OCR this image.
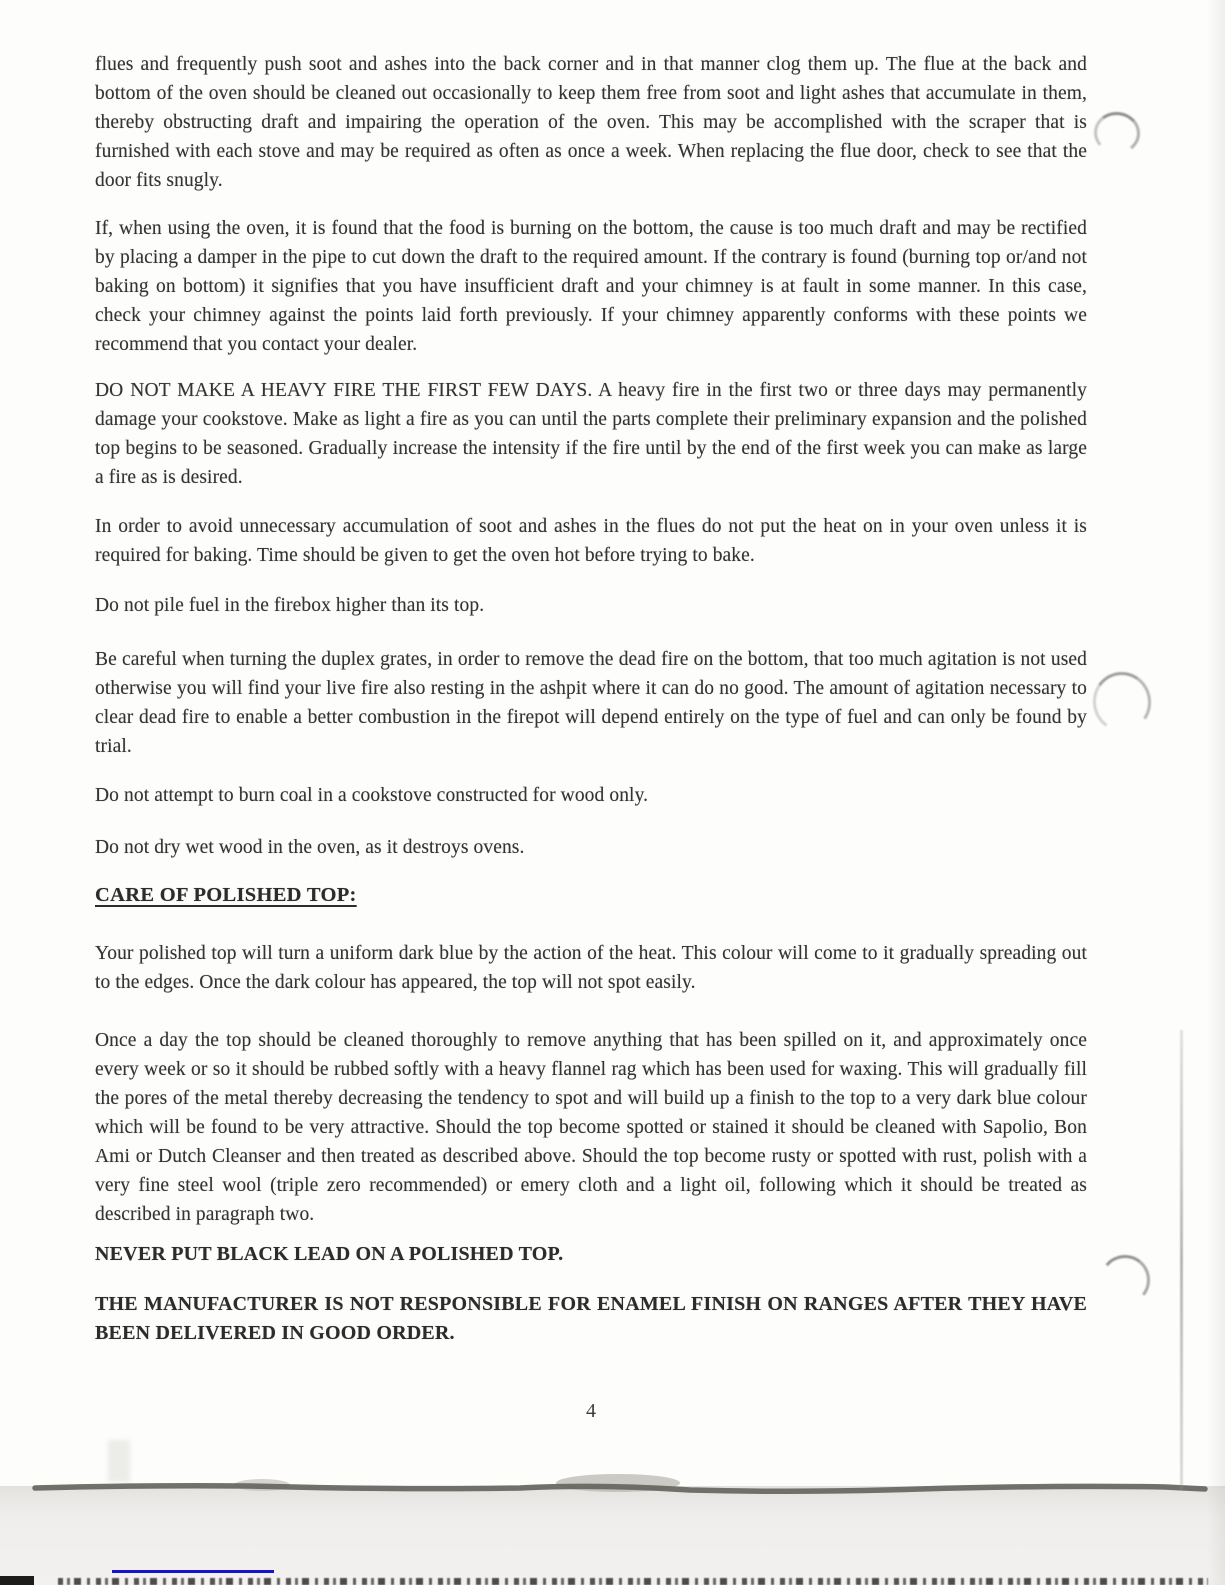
flues and frequently push soot and ashes into the back corner and in that manner clog them up. The flue at the back and bottom of the oven should be cleaned out occasionally to keep them free from soot and light ashes that accumulate in them, thereby obstructing draft and impairing the operation of the oven. This may be accomplished with the scraper that is furnished with each stove and may be required as often as once a week. When replacing the flue door, check to see that the door fits snugly.

If, when using the oven, it is found that the food is burning on the bottom, the cause is too much draft and may be rectified by placing a damper in the pipe to cut down the draft to the required amount. If the contrary is found (burning top or/and not baking on bottom) it signifies that you have insufficient draft and your chimney is at fault in some manner. In this case, check your chimney against the points laid forth previously. If your chimney apparently conforms with these points we recommend that you contact your dealer.

DO NOT MAKE A HEAVY FIRE THE FIRST FEW DAYS. A heavy fire in the first two or three days may permanently damage your cookstove. Make as light a fire as you can until the parts complete their preliminary expansion and the polished top begins to be seasoned. Gradually increase the intensity if the fire until by the end of the first week you can make as large a fire as is desired.

In order to avoid unnecessary accumulation of soot and ashes in the flues do not put the heat on in your oven unless it is required for baking. Time should be given to get the oven hot before trying to bake.

Do not pile fuel in the firebox higher than its top.

Be careful when turning the duplex grates, in order to remove the dead fire on the bottom, that too much agitation is not used otherwise you will find your live fire also resting in the ashpit where it can do no good. The amount of agitation necessary to clear dead fire to enable a better combustion in the firepot will depend entirely on the type of fuel and can only be found by trial.

Do not attempt to burn coal in a cookstove constructed for wood only.

Do not dry wet wood in the oven, as it destroys ovens.

CARE OF POLISHED TOP:

Your polished top will turn a uniform dark blue by the action of the heat. This colour will come to it gradually spreading out to the edges. Once the dark colour has appeared, the top will not spot easily.

Once a day the top should be cleaned thoroughly to remove anything that has been spilled on it, and approximately once every week or so it should be rubbed softly with a heavy flannel rag which has been used for waxing. This will gradually fill the pores of the metal thereby decreasing the tendency to spot and will build up a finish to the top to a very dark blue colour which will be found to be very attractive. Should the top become spotted or stained it should be cleaned with Sapolio, Bon Ami or Dutch Cleanser and then treated as described above. Should the top become rusty or spotted with rust, polish with a very fine steel wool (triple zero recommended) or emery cloth and a light oil, following which it should be treated as described in paragraph two.

NEVER PUT BLACK LEAD ON A POLISHED TOP.

THE MANUFACTURER IS NOT RESPONSIBLE FOR ENAMEL FINISH ON RANGES AFTER THEY HAVE BEEN DELIVERED IN GOOD ORDER.

4
